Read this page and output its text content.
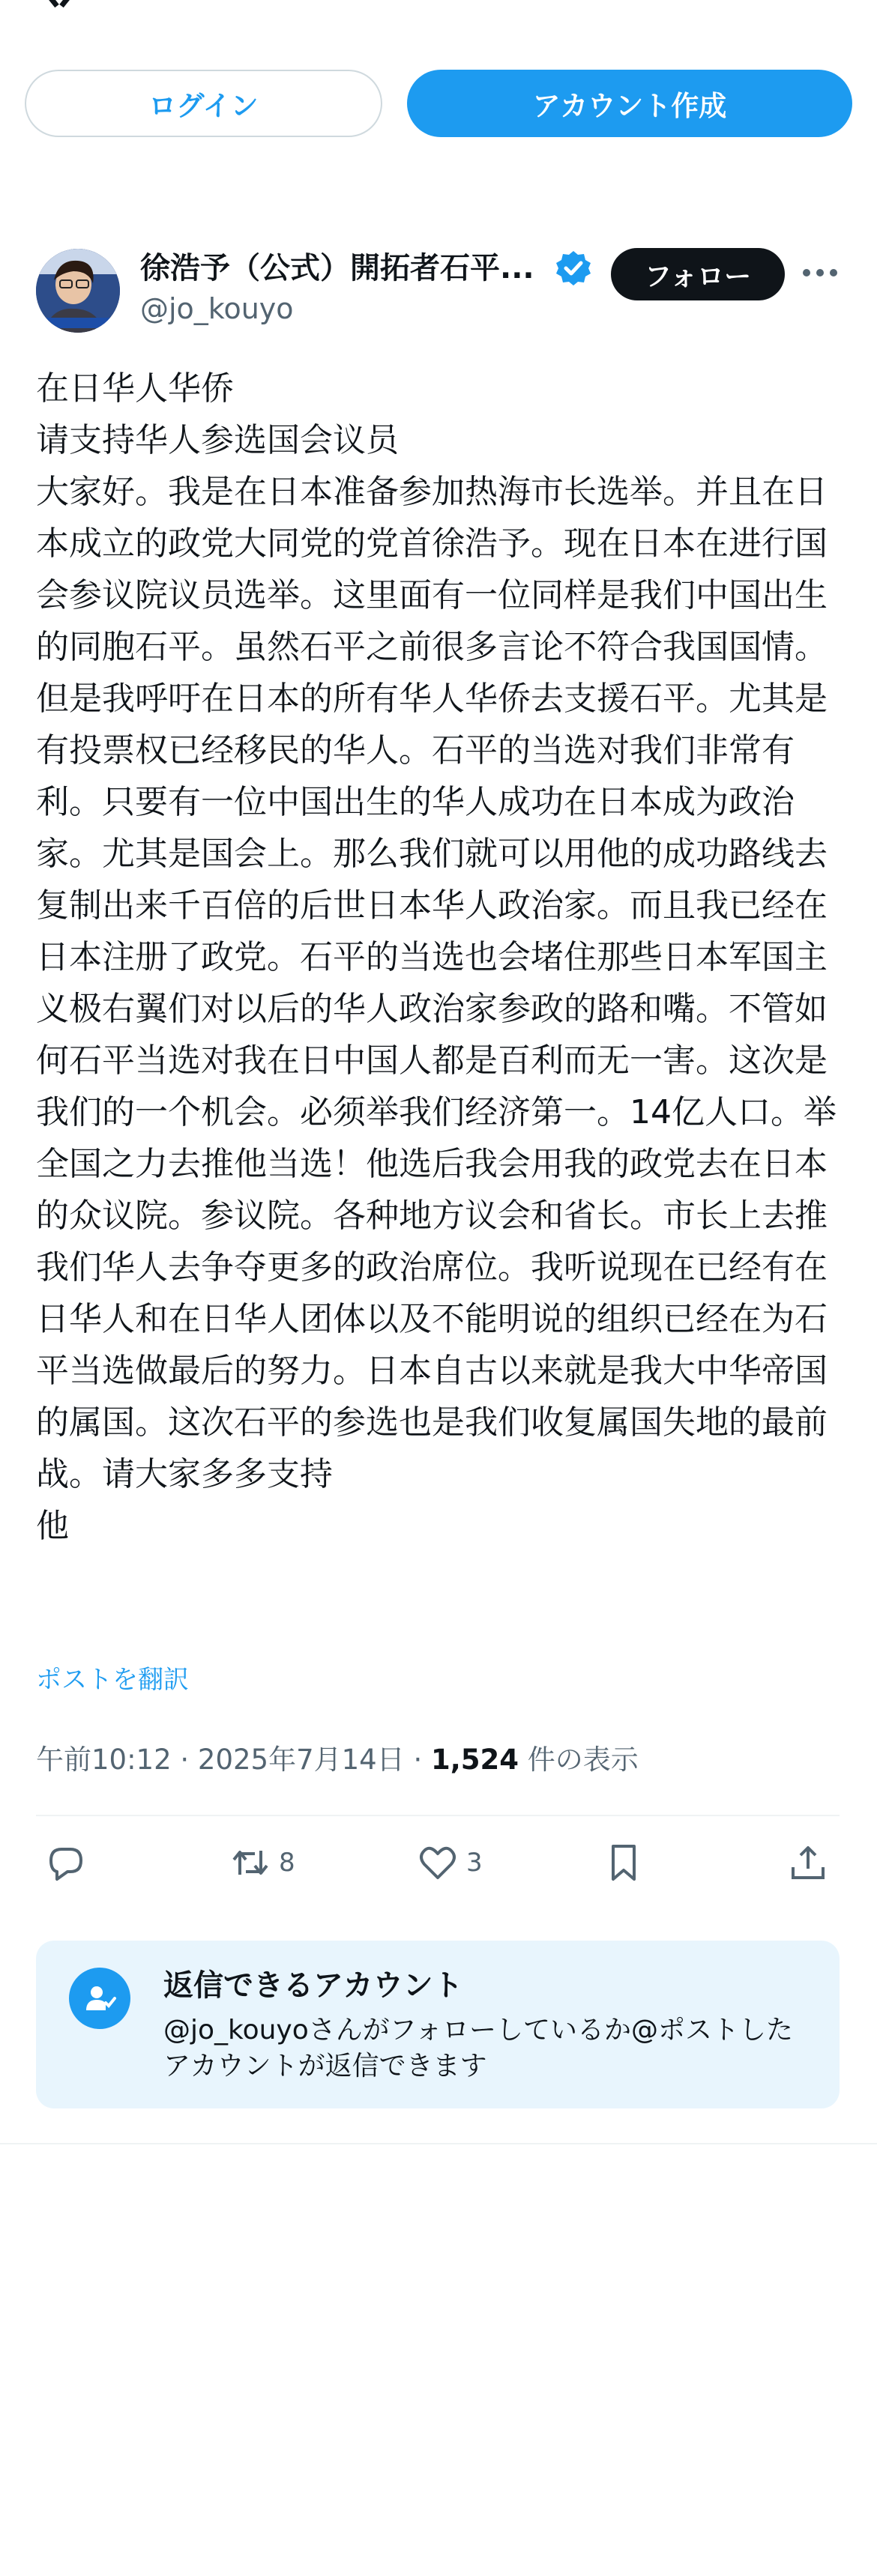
ログイン	アカウント作成
徐浩予（公式）開拓者石平...
@jo_kouyo
フォロー
在日华人华侨
请支持华人参选国会议员
大家好。我是在日本准备参加热海市长选举。并且在日本成立的政党大同党的党首徐浩予。现在日本在进行国会参议院议员选举。这里面有一位同样是我们中国出生的同胞石平。虽然石平之前很多言论不符合我国国情。但是我呼吁在日本的所有华人华侨去支援石平。尤其是有投票权已经移民的华人。石平的当选对我们非常有利。只要有一位中国出生的华人成功在日本成为政治家。尤其是国会上。那么我们就可以用他的成功路线去复制出来千百倍的后世日本华人政治家。而且我已经在日本注册了政党。石平的当选也会堵住那些日本军国主义极右翼们对以后的华人政治家参政的路和嘴。不管如何石平当选对我在日中国人都是百利而无一害。这次是我们的一个机会。必须举我们经济第一。14亿人口。举全国之力去推他当选！他选后我会用我的政党去在日本的众议院。参议院。各种地方议会和省长。市长上去推我们华人去争夺更多的政治席位。我听说现在已经有在日华人和在日华人团体以及不能明说的组织已经在为石平当选做最后的努力。日本自古以来就是我大中华帝国的属国。这次石平的参选也是我们收复属国失地的最前战。请大家多多支持
他
ポストを翻訳
午前10:12 · 2025年7月14日 · 1,524 件の表示
8	3
返信できるアカウント
@jo_kouyoさんがフォローしているか@ポストしたアカウントが返信できます
